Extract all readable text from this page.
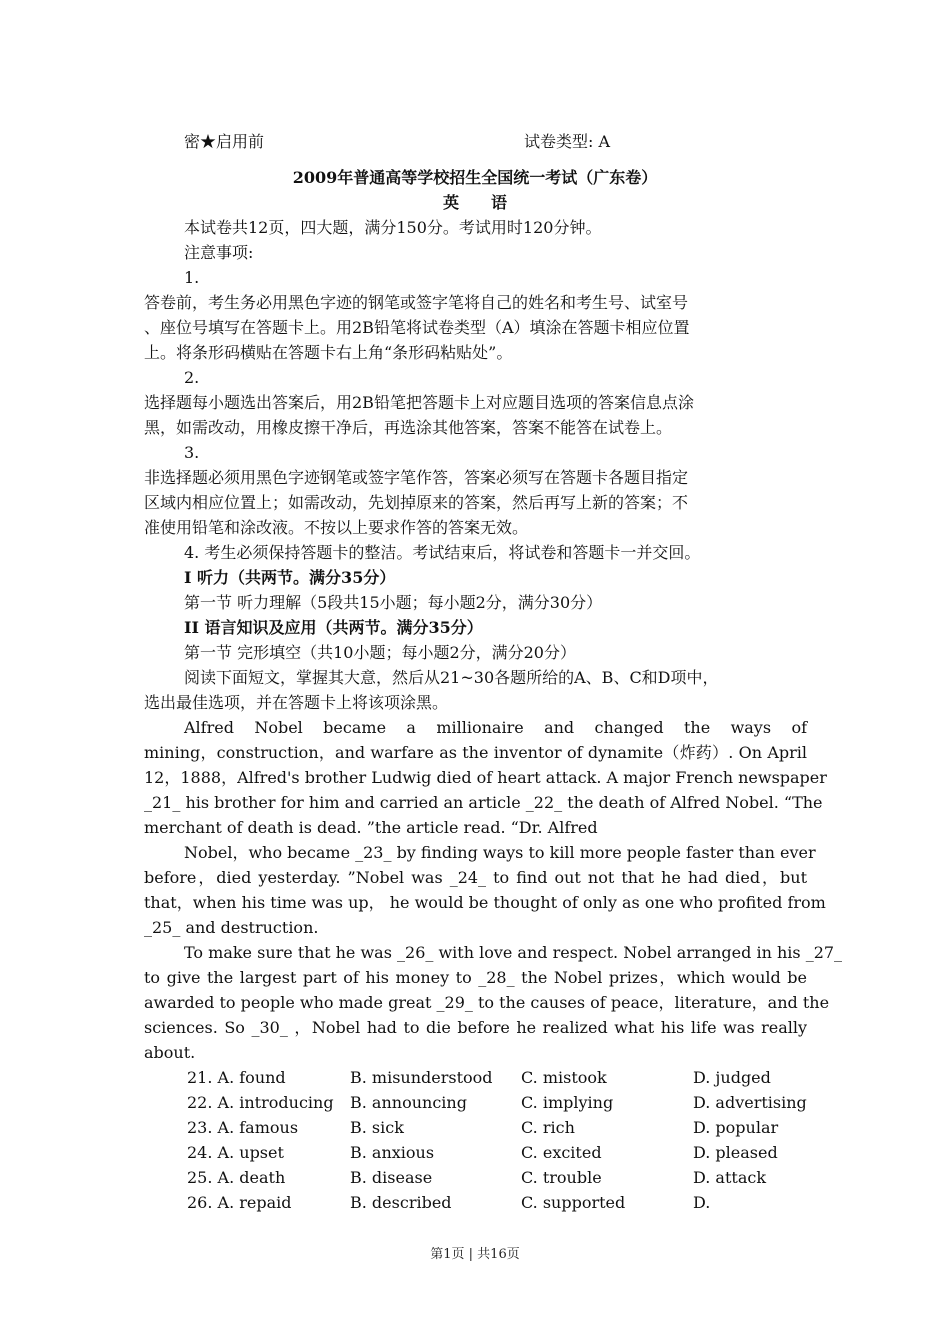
密★启用前	试卷类型: A
2009年普通高等学校招生全国统一考试（广东卷）
英　　语
本试卷共12页，四大题，满分150分。考试用时120分钟。
注意事项:
1.
答卷前，考生务必用黑色字迹的钢笔或签字笔将自己的姓名和考生号、试室号
、座位号填写在答题卡上。用2B铅笔将试卷类型（A）填涂在答题卡相应位置
上。将条形码横贴在答题卡右上角“条形码粘贴处”。
2.
选择题每小题选出答案后，用2B铅笔把答题卡上对应题目选项的答案信息点涂
黑，如需改动，用橡皮擦干净后，再选涂其他答案，答案不能答在试卷上。
3.
非选择题必须用黑色字迹钢笔或签字笔作答，答案必须写在答题卡各题目指定
区域内相应位置上；如需改动，先划掉原来的答案，然后再写上新的答案；不
准使用铅笔和涂改液。不按以上要求作答的答案无效。
4. 考生必须保持答题卡的整洁。考试结束后，将试卷和答题卡一并交回。
I 听力（共两节。满分35分）
第一节 听力理解（5段共15小题；每小题2分，满分30分）
II 语言知识及应用（共两节。满分35分）
第一节 完形填空（共10小题；每小题2分，满分20分）
阅读下面短文，掌握其大意，然后从21~30各题所给的A、B、C和D项中，
选出最佳选项，并在答题卡上将该项涂黑。
Alfred Nobel became a millionaire and changed the ways of
mining，construction，and warfare as the inventor of dynamite（炸药）. On April
12，1888，Alfred's brother Ludwig died of heart attack. A major French newspaper
_21_ his brother for him and carried an article _22_ the death of Alfred Nobel. “The
merchant of death is dead. ”the article read. “Dr. Alfred
Nobel，who became _23_ by finding ways to kill more people faster than ever
before，died yesterday. ”Nobel was _24_ to find out not that he had died，but
that，when his time was up， he would be thought of only as one who profited from
_25_ and destruction.
To make sure that he was _26_ with love and respect. Nobel arranged in his _27_
to give the largest part of his money to _28_ the Nobel prizes，which would be
awarded to people who made great _29_ to the causes of peace，literature，and the
sciences. So _30_ ，Nobel had to die before he realized what his life was really
about.
21. A. found	B. misunderstood C. mistook	D. judged
22. A. introducing B. announcing	C. implying	D. advertising
23. A. famous	B. sick	C. rich	D. popular
24. A. upset	B. anxious	C. excited	D. pleased
25. A. death	B. disease	C. trouble	D. attack
26. A. repaid	B. described	C. supported	D.
第1页 | 共16页
